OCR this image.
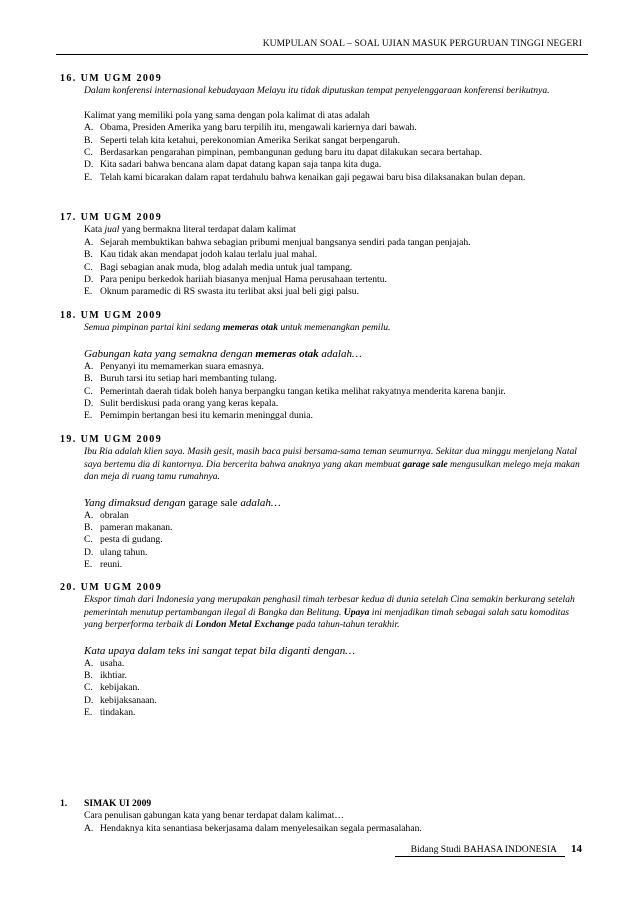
KUMPULAN SOAL – SOAL UJIAN MASUK PERGURUAN TINGGI NEGERI
16. UM UGM 2009
Dalam konferensi internasional kebudayaan Melayu itu tidak diputuskan tempat penyelenggaraan konferensi berikutnya.
Kalimat yang memiliki pola yang sama dengan pola kalimat di atas adalah
A. Obama, Presiden Amerika yang baru terpilih itu, mengawali kariernya dari bawah.
B. Seperti telah kita ketahui, perekonomian Amerika Serikat sangat berpengaruh.
C. Berdasarkan pengarahan pimpinan, pembangunan gedung baru itu dapat dilakukan secara bertahap.
D. Kita sadari bahwa bencana alam dapat datang kapan saja tanpa kita duga.
E. Telah kami bicarakan dalam rapat terdahulu bahwa kenaikan gaji pegawai baru bisa dilaksanakan bulan depan.
17. UM UGM 2009
Kata jual yang bermakna literal terdapat dalam kalimat
A. Sejarah membuktikan bahwa sebagian pribumi menjual bangsanya sendiri pada tangan penjajah.
B. Kau tidak akan mendapat jodoh kalau terlalu jual mahal.
C. Bagi sebagian anak muda, blog adalah media untuk jual tampang.
D. Para penipu berkedok hariiah biasanya menjual Hama perusahaan tertentu.
E. Oknum paramedic di RS swasta itu terlibat aksi jual beli gigi palsu.
18. UM UGM 2009
Semua pimpinan partai kini sedang memeras otak untuk memenangkan pemilu.
Gabungan kata yang semakna dengan memeras otak adalah…
A. Penyanyi itu memamerkan suara emasnya.
B. Buruh tarsi itu setiap hari membanting tulang.
C. Pemerintah daerah tidak boleh hanya berpangku tangan ketika melihat rakyatnya menderita karena banjir.
D. Sulit berdiskusi pada orang yang keras kepala.
E. Pemimpin bertangan besi itu kemarin meninggal dunia.
19. UM UGM 2009
Ibu Ria adalah klien saya. Masih gesit, masih baca puisi bersama-sama teman seumurnya. Sekitar dua minggu menjelang Natal saya bertemu dia di kantornya. Dia bercerita bahwa anaknya yang akan membuat garage sale mengusulkan melego meja makan dan meja di ruang tamu rumahnya.
Yang dimaksud dengan garage sale adalah…
A. obralan
B. pameran makanan.
C. pesta di gudang.
D. ulang tahun.
E. reuni.
20. UM UGM 2009
Ekspor timah dari Indonesia yang merupakan penghasil timah terbesar kedua di dunia setelah Cina semakin berkurang setelah pemerintah menutup pertambangan ilegal di Bangka dan Belitung. Upaya ini menjadikan timah sebagai salah satu komoditas yang berperforma terbaik di London Metal Exchange pada tahun-tahun terakhir.
Kata upaya dalam teks ini sangat tepat bila diganti dengan…
A. usaha.
B. ikhtiar.
C. kebijakan.
D. kebijaksanaan.
E. tindakan.
1.	SIMAK UI 2009
Cara penulisan gabungan kata yang benar terdapat dalam kalimat…
A. Hendaknya kita senantiasa bekerjasama dalam menyelesaikan segala permasalahan.
Bidang Studi BAHASA INDONESIA 14
